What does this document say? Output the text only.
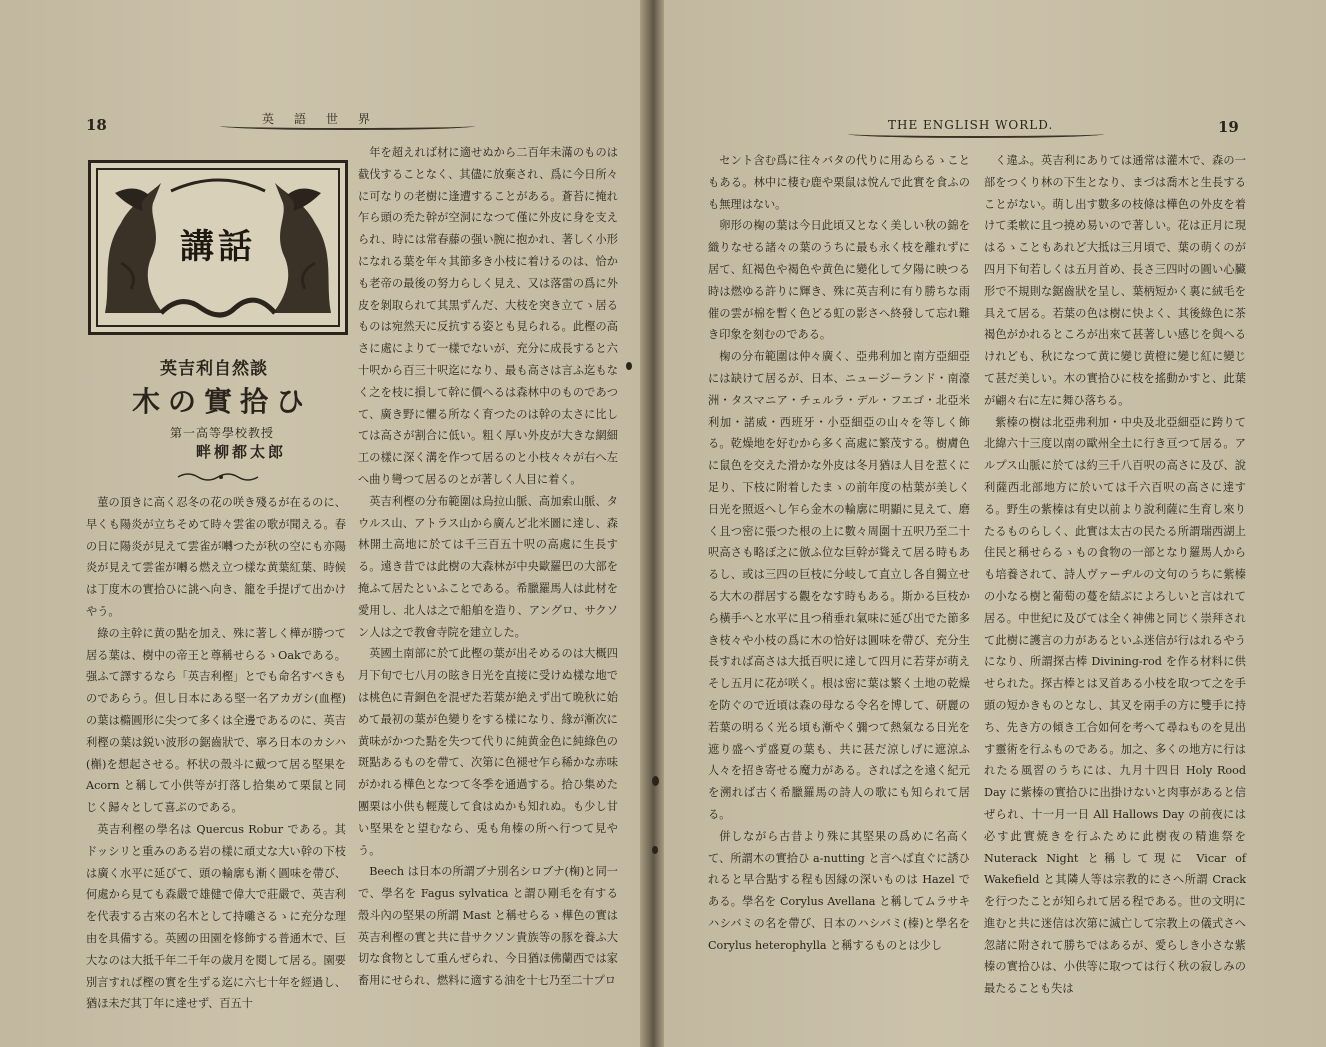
18	英　語　世　界
講話
英吉利自然談
木の實拾ひ
第一高等學校教授
畔柳都太郎

菫の頂きに高く忍冬の花の咲き殘るが在るのに、早くも陽炎が立ちそめて時々雲雀の歌が聞える。春の日に陽炎が見えて雲雀が囀つたが秋の空にも亦陽炎が見えて雲雀が囀る燃え立つ樣な黄葉紅葉、時候は丁度木の實拾ひに誂へ向き、籠を手提げて出かけやう。

綠の主幹に黄の點を加え、殊に著しく樺が勝つて居る葉は、樹中の帝王と尊稱せらるゝOakである。强ふて譯するなら「英吉利樫」とでも命名すべきものであらう。但し日本にある堅一名アカガシ(血樫)の葉は橢圓形に尖つて多くは全邊であるのに、英吉利樫の葉は鋭い波形の鋸齒狀で、寧ろ日本のカシハ(槲)を想起させる。杯状の殼斗に戴つて居る堅果を Acorn と稱して小供等が打落し拾集めて栗鼠と同じく歸々として喜ぶのである。

英吉利樫の學名は Quercus Robur である。其ドッシリと重みのある岩の樣に頑丈な大い幹の下枝は廣く水平に延びて、頭の輪廓も漸く圓味を帶び、何處から見ても森嚴で雄健で偉大で莊嚴で、英吉利を代表する古來の名木として持囃さるゝに充分な理由を具備する。英國の田園を修飾する普通木で、巨大なのは大抵千年二千年の歳月を閱して居る。園要別言すれば樫の實を生ずる迄に六七十年を經過し、猶ほ未だ其丁年に達せず、百五十

年を超えれば材に適せぬから二百年未滿のものは截伐することなく、其儘に放棄され、爲に今日所々に可なりの老樹に逢遭することがある。蒼苔に掩れ乍ら頭の禿た幹が空洞になつて僅に外皮に身を支えられ、時には常春藤の强い腕に抱かれ、著しく小形になれる葉を年々其節多き小枝に着けるのは、恰かも老帝の最後の努力らしく見え、又は落雷の爲に外皮を剝取られて其黒ずんだ、大枝を突き立てゝ居るものは宛然天に反抗する姿とも見られる。此樫の高さに處によりて一樣でないが、充分に成長すると六十呎から百三十呎迄になり、最も高さは言ふ迄もなく之を枝に損して幹に價へるは森林中のものであつて、廣き野に懼る所なく育つたのは幹の太さに比しては高さが割合に低い。粗く厚い外皮が大きな網細工の樣に深く溝を作つて居るのと小枝々々が右へ左へ曲り彎つて居るのとが著しく人目に着く。

英吉利樫の分布範圍は烏拉山脈、高加索山脈、タウルス山、アトラス山から廣んど北米圖に達し、森林開土高地に於ては千三百五十呎の高處に生長する。遠き昔では此樹の大森林が中央歐羅巴の大部を掩ふて居たといふことである。希臘羅馬人は此材を愛用し、北人は之で船舶を造り、アングロ、サクソン人は之で教會寺院を建立した。

英國土南部に於て此樫の葉が出そめるのは大概四月下旬で七八月の眩き日光を直接に受けぬ樣な地では桃色に青銅色を混ぜた若葉が絶えず出て晩秋に始めて最初の葉が色變りをする樣になり、緣が漸次に黄味がかつた點を失つて代りに純黄金色に純綠色の斑點あるものを帶て、次第に色褪せ乍ら稀かな赤味がかれる樺色となつて冬季を通過する。拾ひ集めた團栗は小供も輕蔑して食はぬかも知れぬ。も少し甘い堅果をと望むなら、兎も角榛の所へ行つて見やう。

Beech は日本の所謂ブナ別名シロブナ(椈)と同一で、學名を Fagus sylvatica と謂ひ剛毛を有する殼斗內の堅果の所謂 Mast と稱せらるゝ樺色の實は英吉利樫の實と共に昔サクソン貴族等の豚を養ふ大切な食物として重んぜられ、今日猶ほ佛蘭西では家畜用にせられ、燃料に適する油を十七乃至二十プロ

THE ENGLISH WORLD.	19

セント含む爲に往々バタの代りに用ゐらるゝこともある。林中に棲む鹿や栗鼠は悅んで此實を食ふのも無理はない。

卵形の椈の葉は今日此頃又となく美しい秋の錦を織りなせる諸々の葉のうちに最も永く枝を離れずに居て、紅褐色や褐色や黄色に變化して夕陽に映つる時は燃ゆる許りに輝き、殊に英吉利に有り勝ちな雨催の雲が棉を暫く色どる虹の影さへ終發して忘れ難き印象を刻むのである。

椈の分布範圍は仲々廣く、亞弗利加と南方亞細亞には缺けて居るが、日本、ニュージーランド・南濠洲・タスマニア・チェルラ・デル・フエゴ・北亞米利加・諾威・西班牙・小亞細亞の山々を等しく飾る。乾燥地を好むから多く高處に繁茂する。樹膚色に鼠色を交えた滑かな外皮は冬月猶ほ人目を惹くに足り、下枝に附着したまゝの前年度の枯葉が美しく日光を照返へし乍ら金木の輪廓に明顯に見えて、磨く且つ密に張つた根の上に數々周圍十五呎乃至二十呎高さも略ぼ之に倣ふ位な巨幹が聳えて居る時もあるし、或は三四の巨枝に分岐して直立し各自獨立せる大木の群居する觀をなす時もある。斯かる巨枝から橫手へと水平に且つ稍垂れ氣味に延び出でた節多き枝々や小枝の爲に木の恰好は圓味を帶び、充分生長すれば高さは大抵百呎に達して四月に若芽が萌えそし五月に花が咲く。根は密に葉は繁く土地の乾燥を防ぐので近頃は森の母なる令名を博して、研麗の若葉の明るく光る頃も漸やく彌つて熱氣なる日光を遮り盛へず盛夏の葉も、共に甚だ涼しげに遮涼ふ人々を招き寄せる魔力がある。されば之を遠く紀元を溯れば古く希臘羅馬の詩人の歌にも知られて居る。

併しながら古昔より殊に其堅果の爲めに名高くて、所謂木の實拾ひ a-nutting と言へば直ぐに誘ひれると早合點する程も因縁の深いものは Hazel である。學名を Corylus Avellana と稱してムラサキハシバミの名を帶び、日本のハシバミ(榛)と學名を Corylus heterophylla と稱するものとは少し

く違ふ。英吉利にありては通常は灌木で、森の一部をつくり林の下生となり、まづは喬木と生長することがない。萌し出す數多の枝條は樺色の外皮を着けて柔軟に且つ撓め易いので著しい。花は正月に現はるゝこともあれど大抵は三月頃で、葉の萌くのが四月下旬若しくは五月首め、長さ三四吋の圓い心臟形で不規則な鋸齒狀を呈し、葉柄短かく裏に絨毛を具えて居る。若葉の色は樹に快よく、其後綠色に茶褐色がかれるところが出來て甚著しい感じを與へるけれども、秋になつて黄に變じ黄橙に變じ紅に變じて甚だ美しい。木の實拾ひに枝を搖動かすと、此葉が翩々右に左に舞ひ落ちる。

紫榛の樹は北亞弗利加・中央及北亞細亞に跨りて北緯六十三度以南の歐州全土に行き亘つて居る。アルプス山脈に於ては約三千八百呎の高さに及び、說利薩西北部地方に於いては千六百呎の高さに達する。野生の紫榛は有史以前より說利薩に生育し來りたるものらしく、此實は太古の民たる所謂瑞西湖上住民と稱せらるゝもの食物の一部となり羅馬人からも培養されて、詩人ヴァーヂルの文句のうちに紫榛の小なる樹と葡萄の蔓を結ぶによろしいと言はれて居る。中世紀に及びては全く神佛と同じく崇拜されて此樹に護言の力があるといふ迷信が行はれるやうになり、所謂探古棒 Divining-rod を作る材料に供せられた。探古棒とは叉首ある小枝を取つて之を手頭の短かきものとなし、其叉を兩手の方に雙手に持ち、先き方の傾き工合如何を考へて尋ねものを見出す靈術を行ふものである。加之、多くの地方に行はれたる風習のうちには、九月十四日 Holy Rood Day に紫榛の實拾ひに出掛けないと肉事があると信ぜられ、十一月一日 All Hallows Day の前夜には必す此實焼きを行ふために此樹夜の精進祭を Nuterack Night と稱して現に Vicar of Wakefield と其隣人等は宗教的にさへ所謂 Crack を行つたことが知られて居る程である。世の文明に進むと共に迷信は次第に滅亡して宗教上の儀式さへ忽諸に附されて勝ちではあるが、愛らしき小さな紫榛の實拾ひは、小供等に取つては行く秋の寂しみの最たることも失は
